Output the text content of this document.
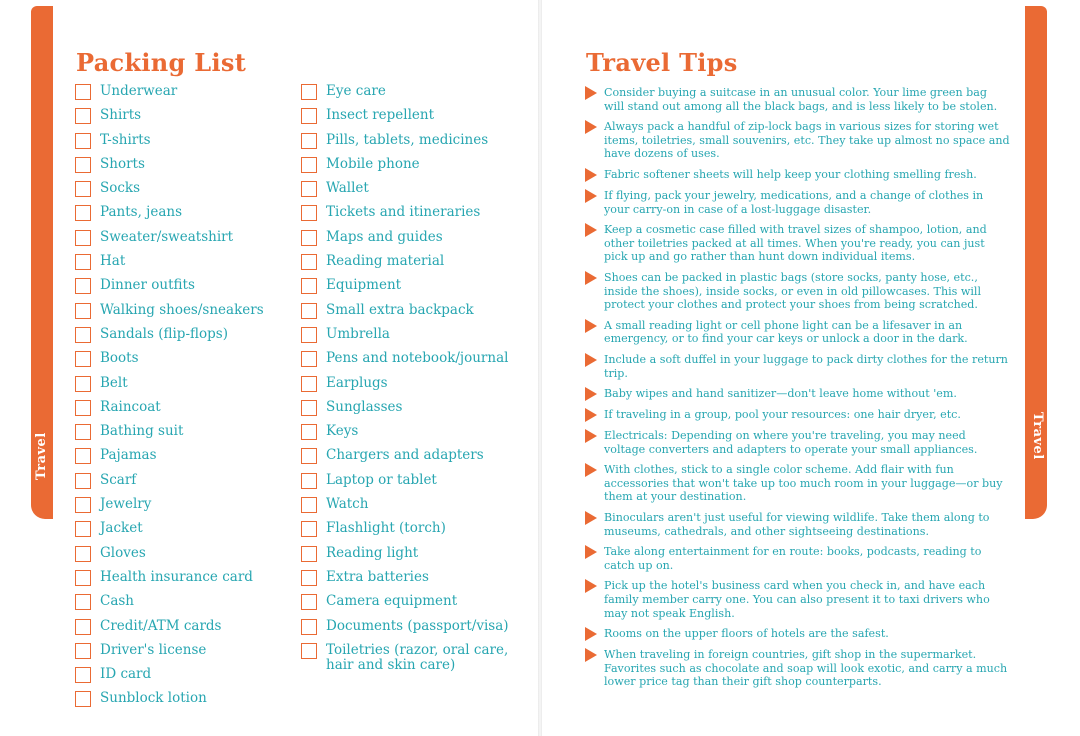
Travel	Travel
Packing List	Travel Tips
Underwear
Shirts
T-shirts
Shorts
Socks
Pants, jeans
Sweater/sweatshirt
Hat
Dinner outfits
Walking shoes/sneakers
Sandals (flip-flops)
Boots
Belt
Raincoat
Bathing suit
Pajamas
Scarf
Jewelry
Jacket
Gloves
Health insurance card
Cash
Credit/ATM cards
Driver's license
ID card
Sunblock lotion
Eye care
Insect repellent
Pills, tablets, medicines
Mobile phone
Wallet
Tickets and itineraries
Maps and guides
Reading material
Equipment
Small extra backpack
Umbrella
Pens and notebook/journal
Earplugs
Sunglasses
Keys
Chargers and adapters
Laptop or tablet
Watch
Flashlight (torch)
Reading light
Extra batteries
Camera equipment
Documents (passport/visa)
Toiletries (razor, oral care, hair and skin care)
Consider buying a suitcase in an unusual color. Your lime green bag will stand out among all the black bags, and is less likely to be stolen.
Always pack a handful of zip-lock bags in various sizes for storing wet items, toiletries, small souvenirs, etc. They take up almost no space and have dozens of uses.
Fabric softener sheets will help keep your clothing smelling fresh.
If flying, pack your jewelry, medications, and a change of clothes in your carry-on in case of a lost-luggage disaster.
Keep a cosmetic case filled with travel sizes of shampoo, lotion, and other toiletries packed at all times. When you're ready, you can just pick up and go rather than hunt down individual items.
Shoes can be packed in plastic bags (store socks, panty hose, etc., inside the shoes), inside socks, or even in old pillowcases. This will protect your clothes and protect your shoes from being scratched.
A small reading light or cell phone light can be a lifesaver in an emergency, or to find your car keys or unlock a door in the dark.
Include a soft duffel in your luggage to pack dirty clothes for the return trip.
Baby wipes and hand sanitizer—don't leave home without 'em.
If traveling in a group, pool your resources: one hair dryer, etc.
Electricals: Depending on where you're traveling, you may need voltage converters and adapters to operate your small appliances.
With clothes, stick to a single color scheme. Add flair with fun accessories that won't take up too much room in your luggage—or buy them at your destination.
Binoculars aren't just useful for viewing wildlife. Take them along to museums, cathedrals, and other sightseeing destinations.
Take along entertainment for en route: books, podcasts, reading to catch up on.
Pick up the hotel's business card when you check in, and have each family member carry one. You can also present it to taxi drivers who may not speak English.
Rooms on the upper floors of hotels are the safest.
When traveling in foreign countries, gift shop in the supermarket. Favorites such as chocolate and soap will look exotic, and carry a much lower price tag than their gift shop counterparts.
